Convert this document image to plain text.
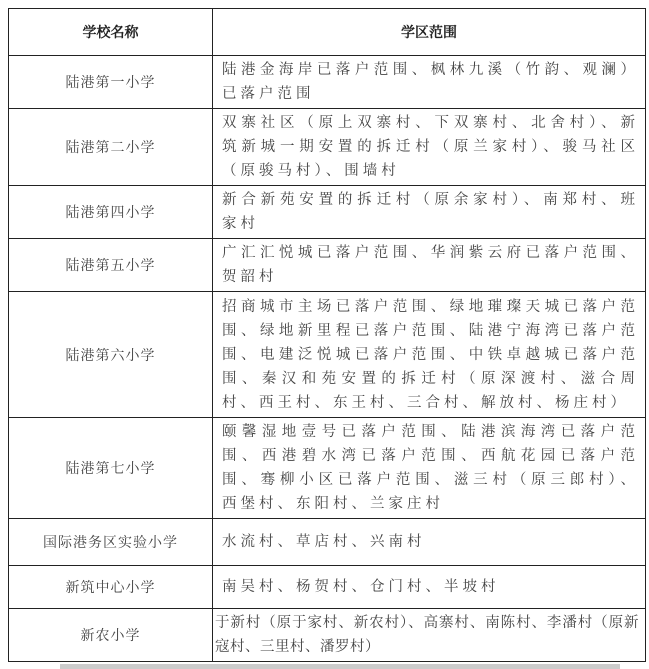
学校名称	学区范围
陆港第一小学	陆港金海岸已落户范围、枫林九溪（竹韵、观澜）已落户范围
陆港第二小学	双寨社区（原上双寨村、下双寨村、北舍村）、新筑新城一期安置的拆迁村（原兰家村）、骏马社区（原骏马村）、围墙村
陆港第四小学	新合新苑安置的拆迁村（原余家村）、南郑村、班家村
陆港第五小学	广汇汇悦城已落户范围、华润紫云府已落户范围、贺韶村
陆港第六小学	招商城市主场已落户范围、绿地璀璨天城已落户范围、绿地新里程已落户范围、陆港宁海湾已落户范围、电建泛悦城已落户范围、中铁卓越城已落户范围、秦汉和苑安置的拆迁村（原深渡村、滋合周村、西王村、东王村、三合村、解放村、杨庄村）
陆港第七小学	颐馨湿地壹号已落户范围、陆港滨海湾已落户范围、西港碧水湾已落户范围、西航花园已落户范围、骞柳小区已落户范围、滋三村（原三郎村）、西堡村、东阳村、兰家庄村
国际港务区实验小学	水流村、草店村、兴南村
新筑中心小学	南吴村、杨贺村、仓门村、半坡村
新农小学	于新村（原于家村、新农村）、高寨村、南陈村、李潘村（原新寇村、三里村、潘罗村）
